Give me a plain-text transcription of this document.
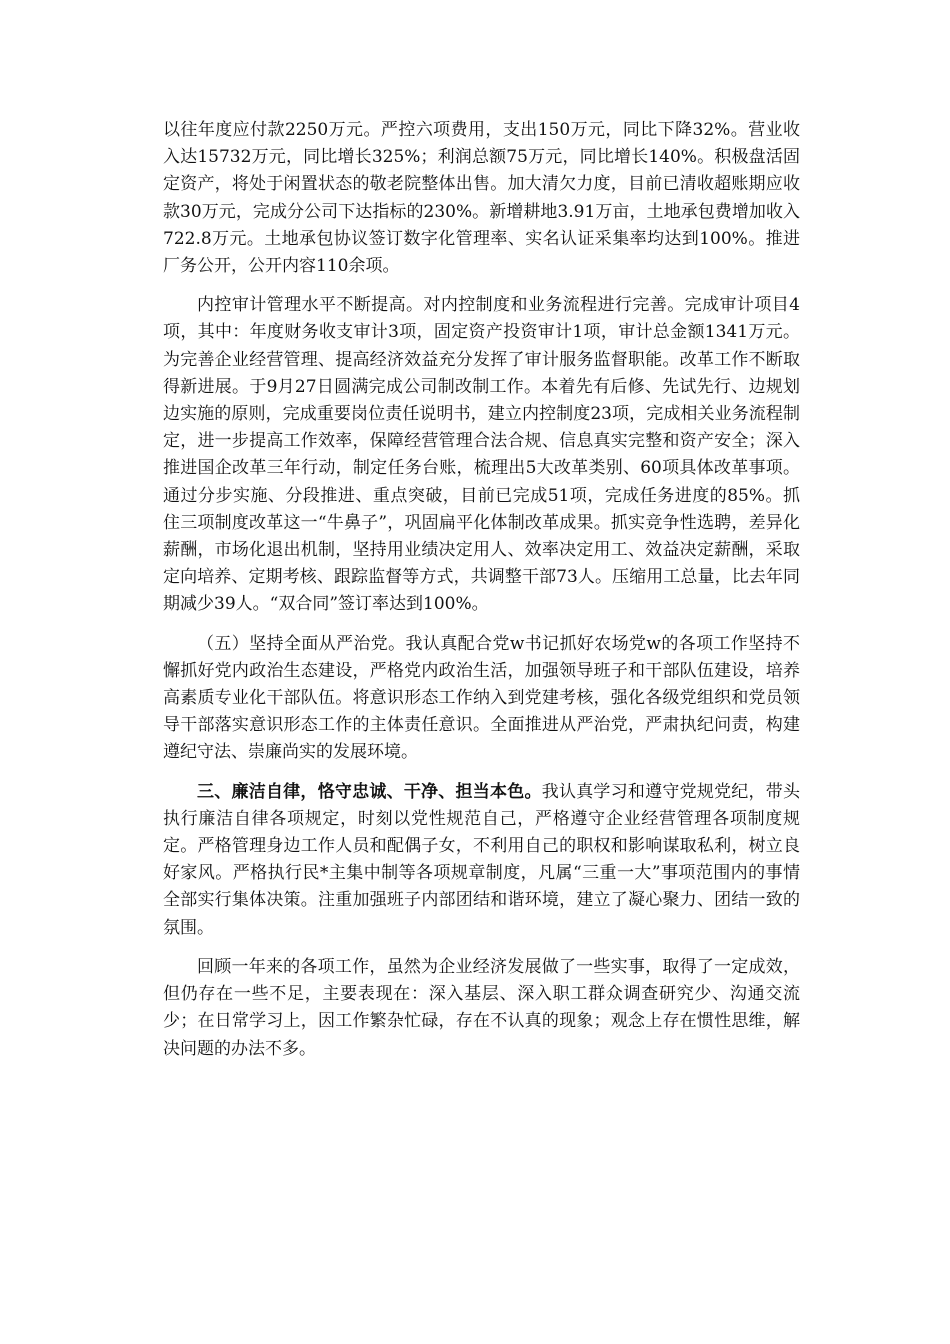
以往年度应付款2250万元。严控六项费用，支出150万元，同比下降32%。营业收入达15732万元，同比增长325%；利润总额75万元，同比增长140%。积极盘活固定资产，将处于闲置状态的敬老院整体出售。加大清欠力度，目前已清收超账期应收款30万元，完成分公司下达指标的230%。新增耕地3.91万亩，土地承包费增加收入722.8万元。土地承包协议签订数字化管理率、实名认证采集率均达到100%。推进厂务公开，公开内容110余项。

内控审计管理水平不断提高。对内控制度和业务流程进行完善。完成审计项目4项，其中：年度财务收支审计3项，固定资产投资审计1项，审计总金额1341万元。为完善企业经营管理、提高经济效益充分发挥了审计服务监督职能。改革工作不断取得新进展。于9月27日圆满完成公司制改制工作。本着先有后修、先试先行、边规划边实施的原则，完成重要岗位责任说明书，建立内控制度23项，完成相关业务流程制定，进一步提高工作效率，保障经营管理合法合规、信息真实完整和资产安全；深入推进国企改革三年行动，制定任务台账，梳理出5大改革类别、60项具体改革事项。通过分步实施、分段推进、重点突破，目前已完成51项，完成任务进度的85%。抓住三项制度改革这一“牛鼻子”，巩固扁平化体制改革成果。抓实竞争性选聘，差异化薪酬，市场化退出机制，坚持用业绩决定用人、效率决定用工、效益决定薪酬，采取定向培养、定期考核、跟踪监督等方式，共调整干部73人。压缩用工总量，比去年同期减少39人。“双合同”签订率达到100%。

（五）坚持全面从严治党。我认真配合党w书记抓好农场党w的各项工作坚持不懈抓好党内政治生态建设，严格党内政治生活，加强领导班子和干部队伍建设，培养高素质专业化干部队伍。将意识形态工作纳入到党建考核，强化各级党组织和党员领导干部落实意识形态工作的主体责任意识。全面推进从严治党，严肃执纪问责，构建遵纪守法、崇廉尚实的发展环境。

三、廉洁自律，恪守忠诚、干净、担当本色。我认真学习和遵守党规党纪，带头执行廉洁自律各项规定，时刻以党性规范自己，严格遵守企业经营管理各项制度规定。严格管理身边工作人员和配偶子女，不利用自己的职权和影响谋取私利，树立良好家风。严格执行民*主集中制等各项规章制度，凡属“三重一大”事项范围内的事情全部实行集体决策。注重加强班子内部团结和谐环境，建立了凝心聚力、团结一致的氛围。

回顾一年来的各项工作，虽然为企业经济发展做了一些实事，取得了一定成效，但仍存在一些不足，主要表现在：深入基层、深入职工群众调查研究少、沟通交流少；在日常学习上，因工作繁杂忙碌，存在不认真的现象；观念上存在惯性思维，解决问题的办法不多。
